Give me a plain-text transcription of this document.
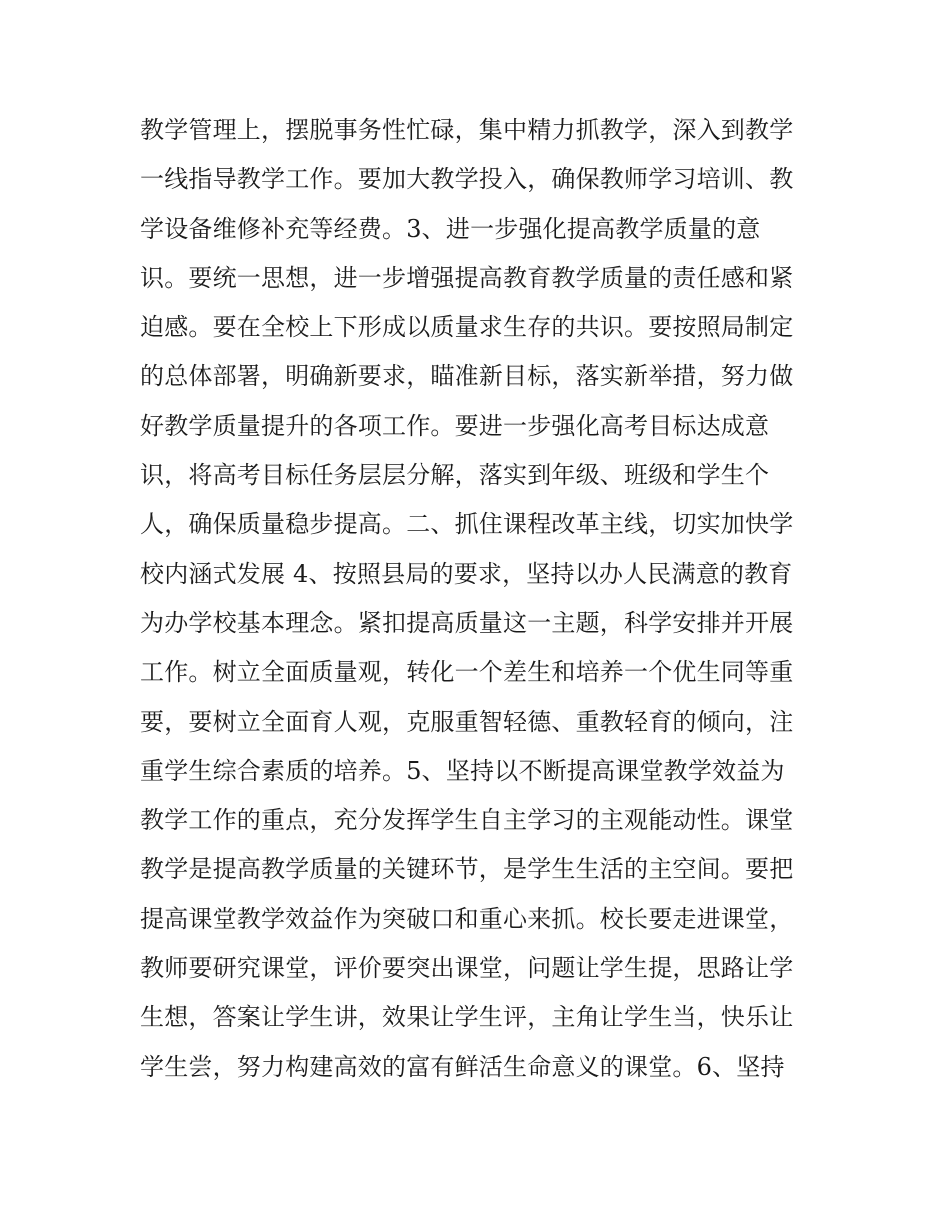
教学管理上，摆脱事务性忙碌，集中精力抓教学，深入到教学
一线指导教学工作。要加大教学投入，确保教师学习培训、教
学设备维修补充等经费。3、进一步强化提高教学质量的意
识。要统一思想，进一步增强提高教育教学质量的责任感和紧
迫感。要在全校上下形成以质量求生存的共识。要按照局制定
的总体部署，明确新要求，瞄准新目标，落实新举措，努力做
好教学质量提升的各项工作。要进一步强化高考目标达成意
识，将高考目标任务层层分解，落实到年级、班级和学生个
人，确保质量稳步提高。二、抓住课程改革主线，切实加快学
校内涵式发展 4、按照县局的要求，坚持以办人民满意的教育
为办学校基本理念。紧扣提高质量这一主题，科学安排并开展
工作。树立全面质量观，转化一个差生和培养一个优生同等重
要，要树立全面育人观，克服重智轻德、重教轻育的倾向，注
重学生综合素质的培养。5、坚持以不断提高课堂教学效益为
教学工作的重点，充分发挥学生自主学习的主观能动性。课堂
教学是提高教学质量的关键环节，是学生生活的主空间。要把
提高课堂教学效益作为突破口和重心来抓。校长要走进课堂，
教师要研究课堂，评价要突出课堂，问题让学生提，思路让学
生想，答案让学生讲，效果让学生评，主角让学生当，快乐让
学生尝，努力构建高效的富有鲜活生命意义的课堂。6、坚持
